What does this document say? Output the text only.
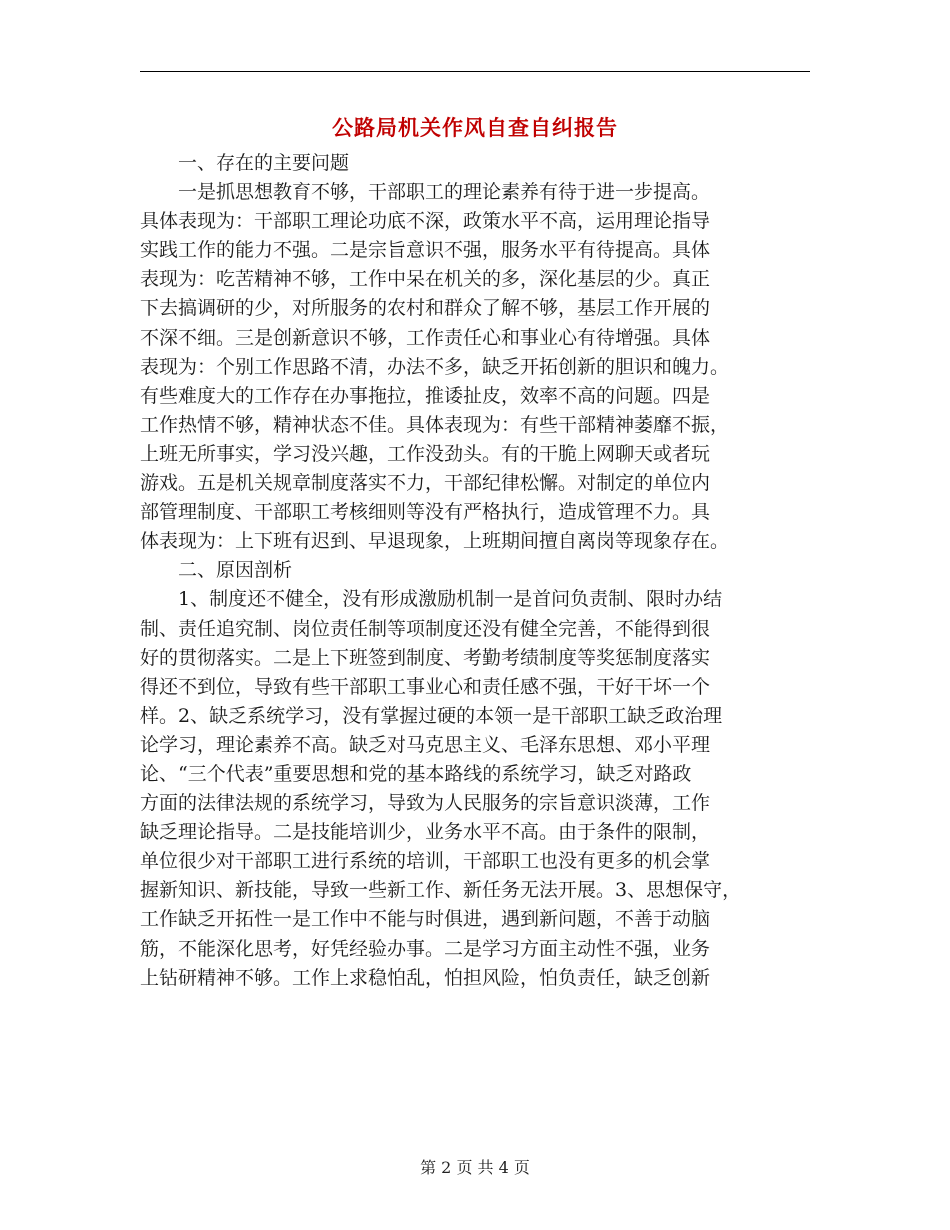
公路局机关作风自查自纠报告
一、存在的主要问题
一是抓思想教育不够，干部职工的理论素养有待于进一步提高。
具体表现为：干部职工理论功底不深，政策水平不高，运用理论指导
实践工作的能力不强。二是宗旨意识不强，服务水平有待提高。具体
表现为：吃苦精神不够，工作中呆在机关的多，深化基层的少。真正
下去搞调研的少，对所服务的农村和群众了解不够，基层工作开展的
不深不细。三是创新意识不够，工作责任心和事业心有待增强。具体
表现为：个别工作思路不清，办法不多，缺乏开拓创新的胆识和魄力。
有些难度大的工作存在办事拖拉，推诿扯皮，效率不高的问题。四是
工作热情不够，精神状态不佳。具体表现为：有些干部精神萎靡不振，
上班无所事实，学习没兴趣，工作没劲头。有的干脆上网聊天或者玩
游戏。五是机关规章制度落实不力，干部纪律松懈。对制定的单位内
部管理制度、干部职工考核细则等没有严格执行，造成管理不力。具
体表现为：上下班有迟到、早退现象，上班期间擅自离岗等现象存在。
二、原因剖析
1、制度还不健全，没有形成激励机制一是首问负责制、限时办结
制、责任追究制、岗位责任制等项制度还没有健全完善，不能得到很
好的贯彻落实。二是上下班签到制度、考勤考绩制度等奖惩制度落实
得还不到位，导致有些干部职工事业心和责任感不强，干好干坏一个
样。2、缺乏系统学习，没有掌握过硬的本领一是干部职工缺乏政治理
论学习，理论素养不高。缺乏对马克思主义、毛泽东思想、邓小平理
论、“三个代表”重要思想和党的基本路线的系统学习，缺乏对路政
方面的法律法规的系统学习，导致为人民服务的宗旨意识淡薄，工作
缺乏理论指导。二是技能培训少，业务水平不高。由于条件的限制，
单位很少对干部职工进行系统的培训，干部职工也没有更多的机会掌
握新知识、新技能，导致一些新工作、新任务无法开展。3、思想保守，
工作缺乏开拓性一是工作中不能与时俱进，遇到新问题，不善于动脑
筋，不能深化思考，好凭经验办事。二是学习方面主动性不强，业务
上钻研精神不够。工作上求稳怕乱，怕担风险，怕负责任，缺乏创新
第 2 页 共 4 页
